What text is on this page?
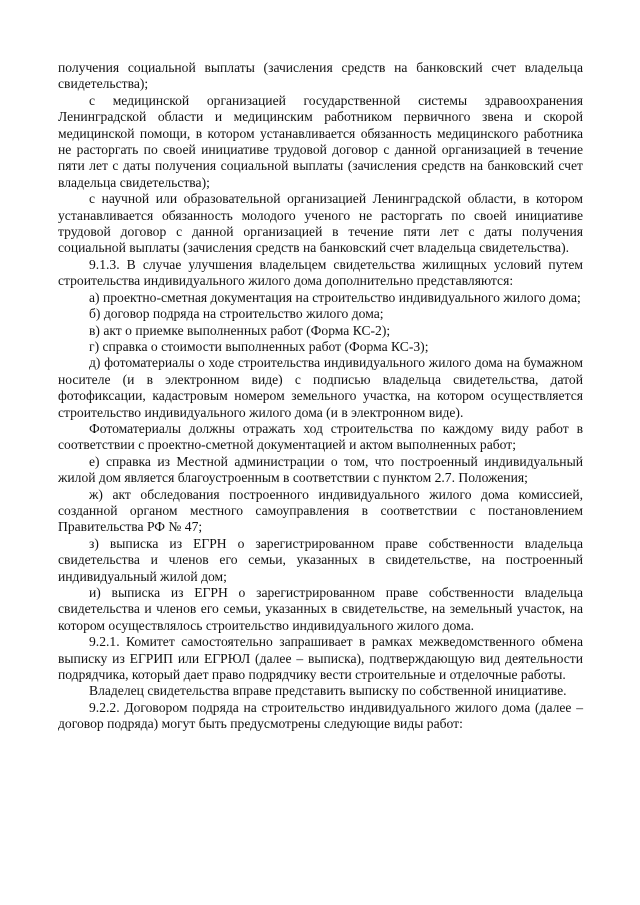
получения социальной выплаты (зачисления средств на банковский счет владельца свидетельства);

с медицинской организацией государственной системы здравоохранения Ленинградской области и медицинским работником первичного звена и скорой медицинской помощи, в котором устанавливается обязанность медицинского работника не расторгать по своей инициативе трудовой договор с данной организацией в течение пяти лет с даты получения социальной выплаты (зачисления средств на банковский счет владельца свидетельства);

с научной или образовательной организацией Ленинградской области, в котором устанавливается обязанность молодого ученого не расторгать по своей инициативе трудовой договор с данной организацией в течение пяти лет с даты получения социальной выплаты (зачисления средств на банковский счет владельца свидетельства).

9.1.3. В случае улучшения владельцем свидетельства жилищных условий путем строительства индивидуального жилого дома дополнительно представляются:

а) проектно-сметная документация на строительство индивидуального жилого дома;

б) договор подряда на строительство жилого дома;

в) акт о приемке выполненных работ (Форма КС-2);

г) справка о стоимости выполненных работ (Форма КС-3);

д) фотоматериалы о ходе строительства индивидуального жилого дома на бумажном носителе (и в электронном виде) с подписью владельца свидетельства, датой фотофиксации, кадастровым номером земельного участка, на котором осуществляется строительство индивидуального жилого дома (и в электронном виде).

Фотоматериалы должны отражать ход строительства по каждому виду работ в соответствии с проектно-сметной документацией и актом выполненных работ;

е) справка из Местной администрации о том, что построенный индивидуальный жилой дом является благоустроенным в соответствии с пунктом 2.7. Положения;

ж) акт обследования построенного индивидуального жилого дома комиссией, созданной органом местного самоуправления в соответствии с постановлением Правительства РФ № 47;

з) выписка из ЕГРН о зарегистрированном праве собственности владельца свидетельства и членов его семьи, указанных в свидетельстве, на построенный индивидуальный жилой дом;

и) выписка из ЕГРН о зарегистрированном праве собственности владельца свидетельства и членов его семьи, указанных в свидетельстве, на земельный участок, на котором осуществлялось строительство индивидуального жилого дома.

9.2.1. Комитет самостоятельно запрашивает в рамках межведомственного обмена выписку из ЕГРИП или ЕГРЮЛ (далее – выписка), подтверждающую вид деятельности подрядчика, который дает право подрядчику вести строительные и отделочные работы.

Владелец свидетельства вправе представить выписку по собственной инициативе.

9.2.2. Договором подряда на строительство индивидуального жилого дома (далее – договор подряда) могут быть предусмотрены следующие виды работ:
